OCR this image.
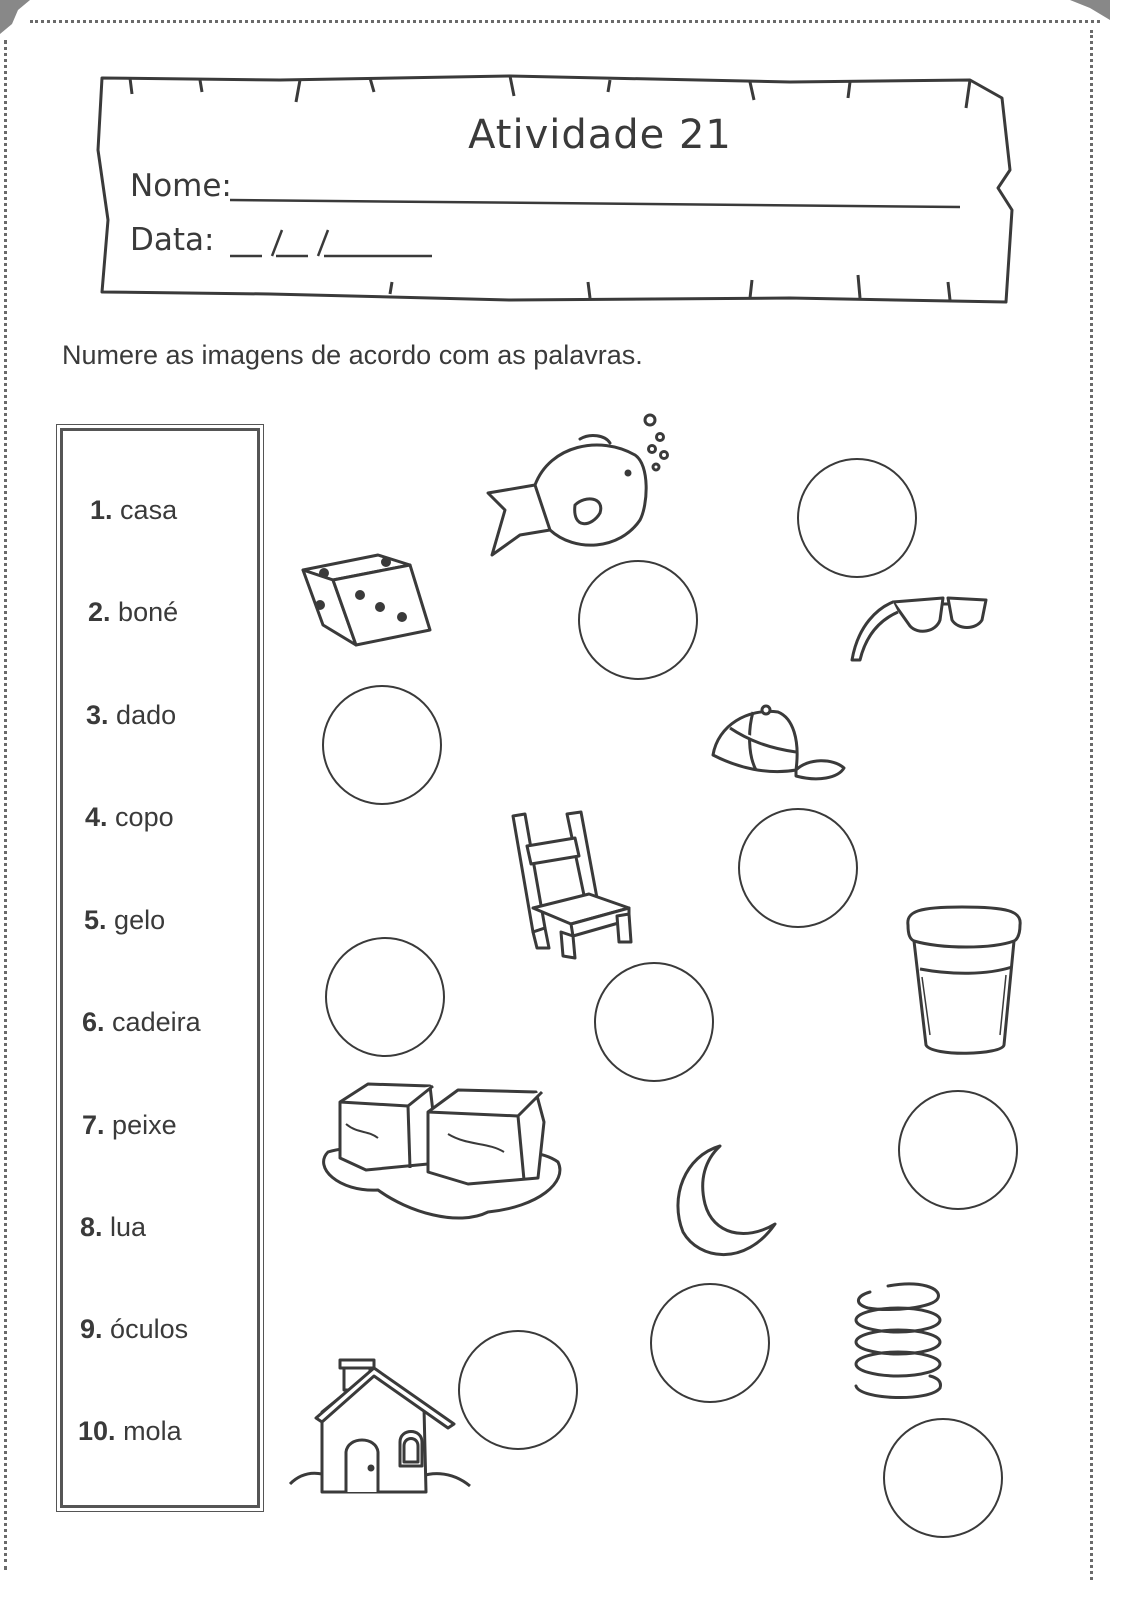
Atividade 21
Nome:
Data:
Numere as imagens de acordo com as palavras.
1. casa
2. boné
3. dado
4. copo
5. gelo
6. cadeira
7. peixe
8. lua
9. óculos
10. mola
